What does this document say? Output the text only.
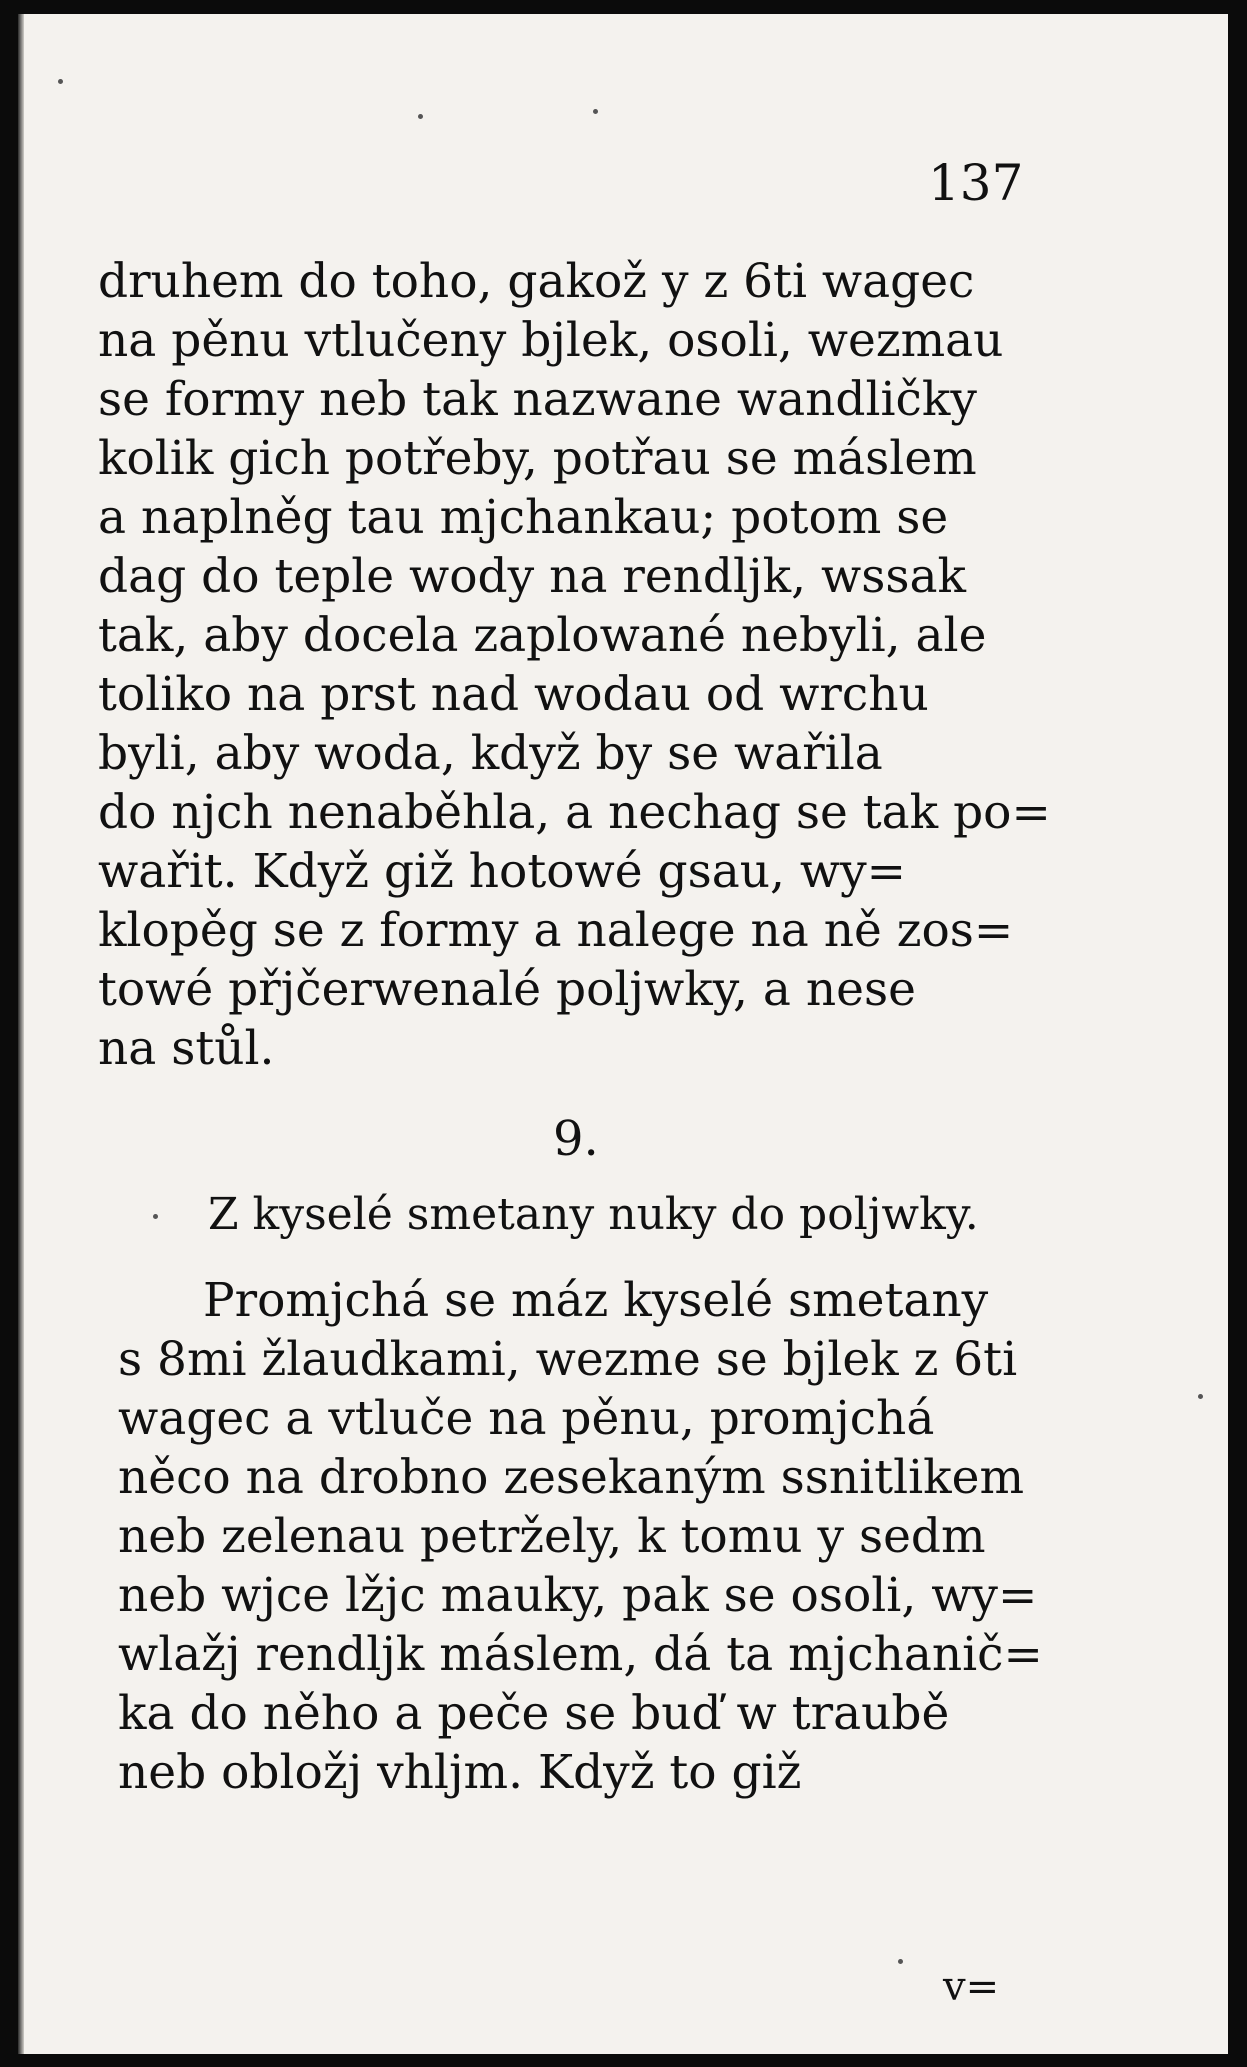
137
druhem do toho, gakož y z 6ti wagec
na pěnu vtlučeny bjlek, osoli, wezmau
se formy neb tak nazwane wandličky
kolik gich potřeby, potřau se máslem
a naplněg tau mjchankau; potom se
dag do teple wody na rendljk, wssak
tak, aby docela zaplowané nebyli, ale
toliko na prst nad wodau od wrchu
byli, aby woda, když by se wařila
do njch nenaběhla, a nechag se tak po=
wařit. Když giž hotowé gsau, wy=
klopěg se z formy a nalege na ně zos=
towé přjčerwenalé poljwky, a nese
na stůl.
9.
Z kyselé smetany nuky do poljwky.
Promjchá se máz kyselé smetany
s 8mi žlaudkami, wezme se bjlek z 6ti
wagec a vtluče na pěnu, promjchá
něco na drobno zesekaným ssnitlikem
neb zelenau petržely, k tomu y sedm
neb wjce lžjc mauky, pak se osoli, wy=
wlažj rendljk máslem, dá ta mjchanič=
ka do něho a peče se buď w traubě
neb obložj vhljm. Když to giž
v=
